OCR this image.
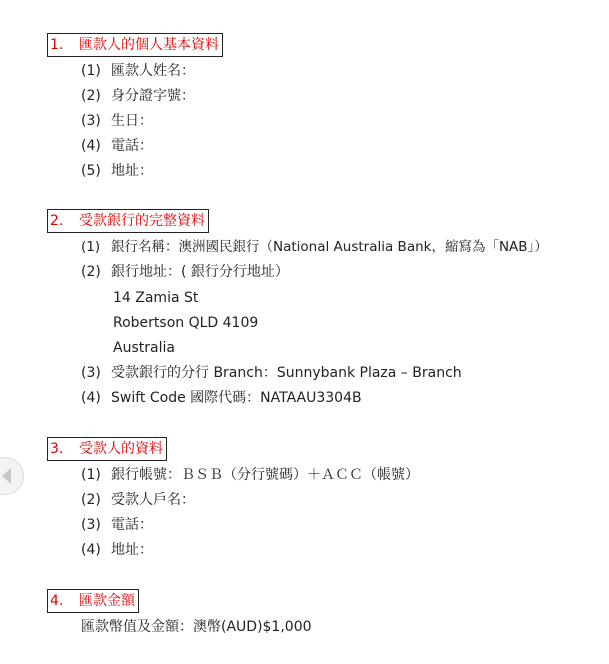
1. 匯款人的個人基本資料
(1) 匯款人姓名：
(2) 身分證字號：
(3) 生日：
(4) 電話：
(5) 地址：
2. 受款銀行的完整資料
(1) 銀行名稱：澳洲國民銀行（National Australia Bank，縮寫為「NAB」）
(2) 銀行地址：( 銀行分行地址）
14 Zamia St
Robertson QLD 4109
Australia
(3) 受款銀行的分行 Branch：Sunnybank Plaza – Branch
(4) Swift Code 國際代碼：NATAAU3304B
3. 受款人的資料
(1) 銀行帳號：ＢＳＢ（分行號碼）＋ＡＣＣ（帳號）
(2) 受款人戶名：
(3) 電話：
(4) 地址：
4. 匯款金額
匯款幣值及金額：澳幣(AUD)$1,000
